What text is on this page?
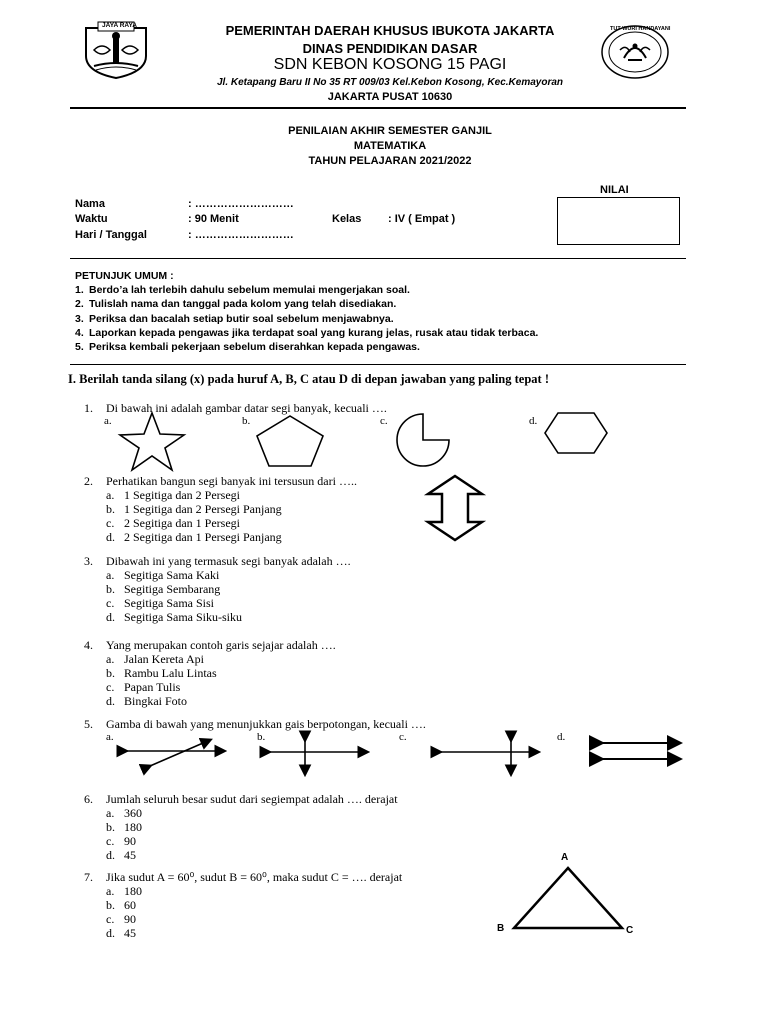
JAYA RAYA	TUT WURI HANDAYANI
PEMERINTAH DAERAH KHUSUS IBUKOTA JAKARTA
DINAS PENDIDIKAN DASAR
SDN KEBON KOSONG 15 PAGI
Jl. Ketapang Baru II No 35 RT 009/03 Kel.Kebon Kosong, Kec.Kemayoran
JAKARTA PUSAT 10630
PENILAIAN AKHIR SEMESTER GANJIL
MATEMATIKA
TAHUN PELAJARAN 2021/2022
Nama	: ………………………
Waktu	: 90 Menit	Kelas : IV ( Empat )
Hari / Tanggal	: ………………………
NILAI
PETUNJUK UMUM :
1. Berdo’a lah terlebih dahulu sebelum memulai mengerjakan soal.
2. Tulislah nama dan tanggal pada kolom yang telah disediakan.
3. Periksa dan bacalah setiap butir soal sebelum menjawabnya.
4. Laporkan kepada pengawas jika terdapat soal yang kurang jelas, rusak atau tidak terbaca.
5. Periksa kembali pekerjaan sebelum diserahkan kepada pengawas.
I. Berilah tanda silang (x) pada huruf A, B, C atau D di depan jawaban yang paling tepat !
1. Di bawah ini adalah gambar datar segi banyak, kecuali ….
a.	b.	c.	d.
2. Perhatikan bangun segi banyak ini tersusun dari …..
a. 1 Segitiga dan 2 Persegi
b. 1 Segitiga dan 2 Persegi Panjang
c. 2 Segitiga dan 1 Persegi
d. 2 Segitiga dan 1 Persegi Panjang
3. Dibawah ini yang termasuk segi banyak adalah ….
a. Segitiga Sama Kaki
b. Segitiga Sembarang
c. Segitiga Sama Sisi
d. Segitiga Sama Siku-siku
4. Yang merupakan contoh garis sejajar adalah ….
a. Jalan Kereta Api
b. Rambu Lalu Lintas
c. Papan Tulis
d. Bingkai Foto
5. Gamba di bawah yang menunjukkan gais berpotongan, kecuali ….
a.	b.	c.	d.
6. Jumlah seluruh besar sudut dari segiempat adalah …. derajat
a. 360
b. 180
c. 90
d. 45
7. Jika sudut A = 60⁰, sudut B = 60⁰, maka sudut C = …. derajat
a. 180
b. 60
c. 90
d. 45
A
B	C
